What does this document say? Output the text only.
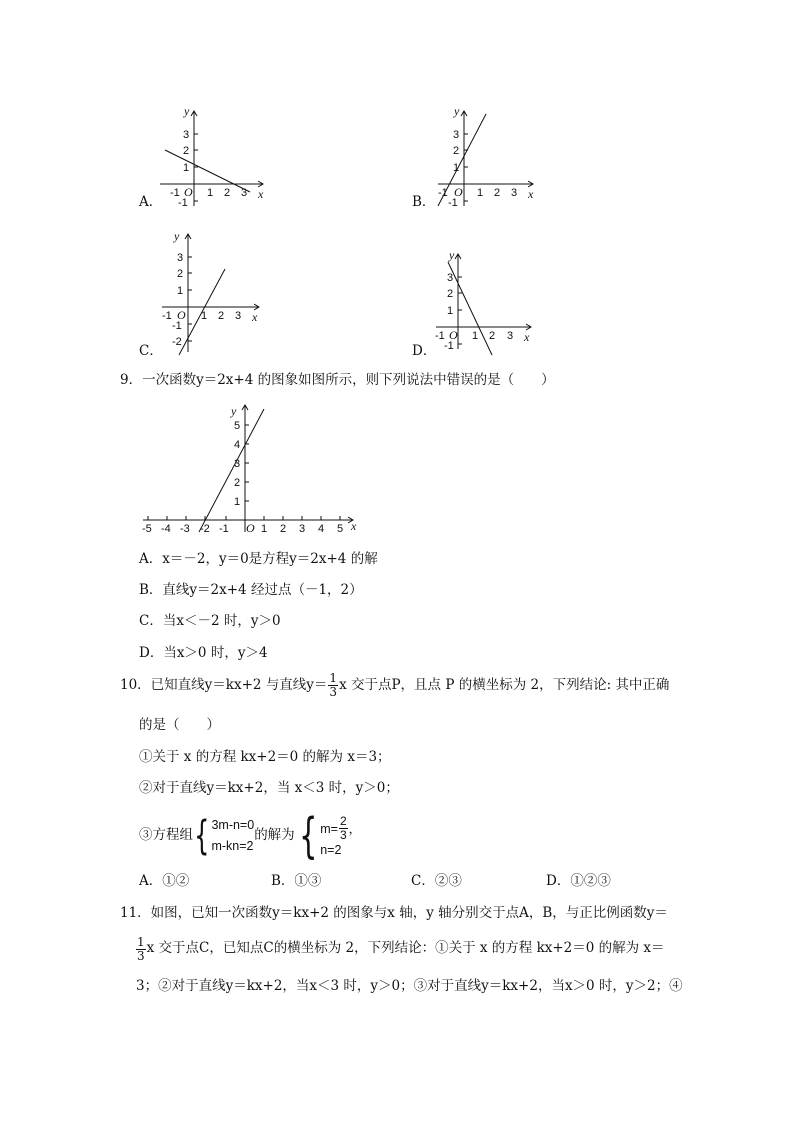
A．
y
x
3
2
1
-1 O 1 2 3
-1	B．
y
x
3
2
1
-1 O 1 2 3
-1
C．
y
x
3
2
1
-1 O 1 2 3
-1
-2
D．
y
x
3
2
1
-1 O 1 2 3
-1
9．一次函数y＝2x+4 的图象如图所示，则下列说法中错误的是（　　）
y
x
5
4
3
2
1
-5 -4 -3 -2 -1 O 1 2 3 4 5
A．x＝－2，y＝0是方程y＝2x+4 的解
B．直线y＝2x+4 经过点（－1，2）
C．当x＜－2 时，y＞0
D．当x＞0 时，y＞4
10．已知直线y＝kx+2 与直线$y= \frac{1}{3}$ x 交于点P，且点 P 的横坐标为 2，下列结论: 其中正确
的是（　　）
①关于 x 的方程 kx+2＝0 的解为 x＝3；
②对于直线y＝kx+2，当 x＜3 时，y＞0；
③方程组 { 3m-n=0
m-kn=2
的解为 { $m= \frac{2}{3}$ ，
n=2
A．①②	B．①③	C．②③	D．①②③
11．如图，已知一次函数y＝kx+2 的图象与x 轴，y 轴分别交于点A，B，与正比例函数y＝
$\frac{1}{3}$ x 交于点C，已知点C的横坐标为 2，下列结论：①关于 x 的方程 kx+2＝0 的解为 x＝
3；②对于直线y＝kx+2，当x＜3 时，y＞0；③对于直线y＝kx+2，当x＞0 时，y＞2；④
